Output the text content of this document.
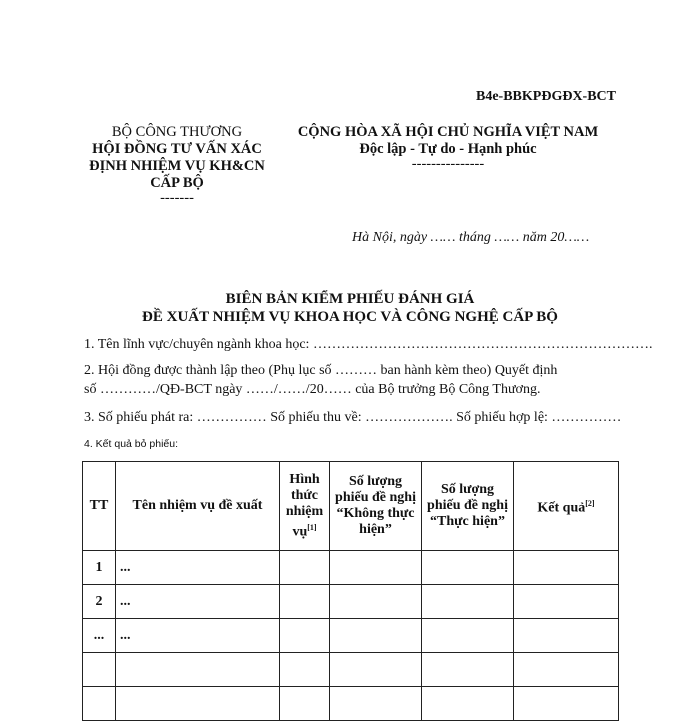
B4e-BBKPĐGĐX-BCT
BỘ CÔNG THƯƠNG
HỘI ĐỒNG TƯ VẤN XÁC
ĐỊNH NHIỆM VỤ KH&CN
CẤP BỘ
-------
CỘNG HÒA XÃ HỘI CHỦ NGHĨA VIỆT NAM
Độc lập - Tự do - Hạnh phúc
---------------
Hà Nội, ngày …… tháng …… năm 20……
BIÊN BẢN KIỂM PHIẾU ĐÁNH GIÁ
ĐỀ XUẤT NHIỆM VỤ KHOA HỌC VÀ CÔNG NGHỆ CẤP BỘ
1. Tên lĩnh vực/chuyên ngành khoa học: ……………………………………………………………….
2. Hội đồng được thành lập theo (Phụ lục số ……… ban hành kèm theo) Quyết định
số …………/QĐ-BCT ngày ……/……/20…… của Bộ trưởng Bộ Công Thương.
3. Số phiếu phát ra: …………… Số phiếu thu về: ………………. Số phiếu hợp lệ: ……………
4. Kết quả bỏ phiếu:
TT	Tên nhiệm vụ đề xuất	Hình thức nhiệm vụ[1]	Số lượng phiếu đề nghị “Không thực hiện”	Số lượng phiếu đề nghị “Thực hiện”	Kết quả[2]
1	...				
2	...				
...	...				
